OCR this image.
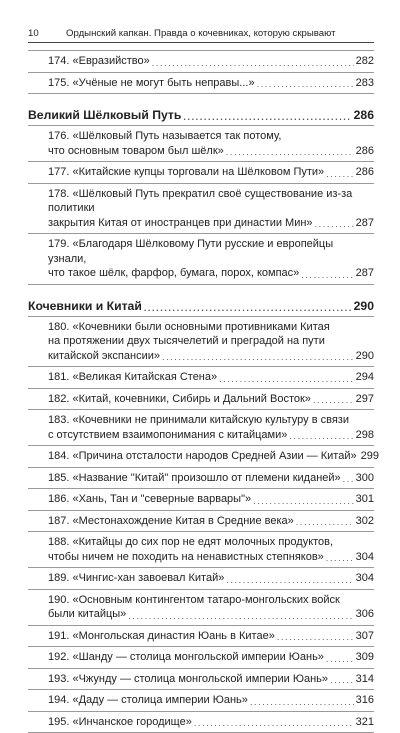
10	Ордынский капкан. Правда о кочевниках, которую скрывают
174. «Евразийство» .....	282
175. «Учёные не могут быть неправы...» .....	283
Великий Шёлковый Путь .....	286
176. «Шёлковый Путь называется так потому,
что основным товаром был шёлк» .....	286
177. «Китайские купцы торговали на Шёлковом Пути» .....	286
178. «Шёлковый Путь прекратил своё существование из-за политики
закрытия Китая от иностранцев при династии Мин» .....	287
179. «Благодаря Шёлковому Пути русские и европейцы узнали,
что такое шёлк, фарфор, бумага, порох, компас» .....	287
Кочевники и Китай .....	290
180. «Кочевники были основными противниками Китая
на протяжении двух тысячелетий и преградой на пути
китайской экспансии» .....	290
181. «Великая Китайская Стена» .....	294
182. «Китай, кочевники, Сибирь и Дальний Восток» .....	297
183. «Кочевники не принимали китайскую культуру в связи
с отсутствием взаимопонимания с китайцами» .....	298
184. «Причина отсталости народов Средней Азии — Китай» 299
185. «Название "Китай" произошло от племени киданей» ..... 300
186. «Хань, Тан и "северные варвары"» .....	301
187. «Местонахождение Китая в Средние века» .....	302
188. «Китайцы до сих пор не едят молочных продуктов,
чтобы ничем не походить на ненавистных степняков» .....	304
189. «Чингис-хан завоевал Китай» .....	304
190. «Основным контингентом татаро-монгольских войск
были китайцы» .....	306
191. «Монгольская династия Юань в Китае» .....	307
192. «Шанду — столица монгольской империи Юань» .....	309
193. «Чжунду — столица монгольской империи Юань» .....	314
194. «Даду — столица империи Юань» .....	316
195. «Инчанское городище» .....	321
